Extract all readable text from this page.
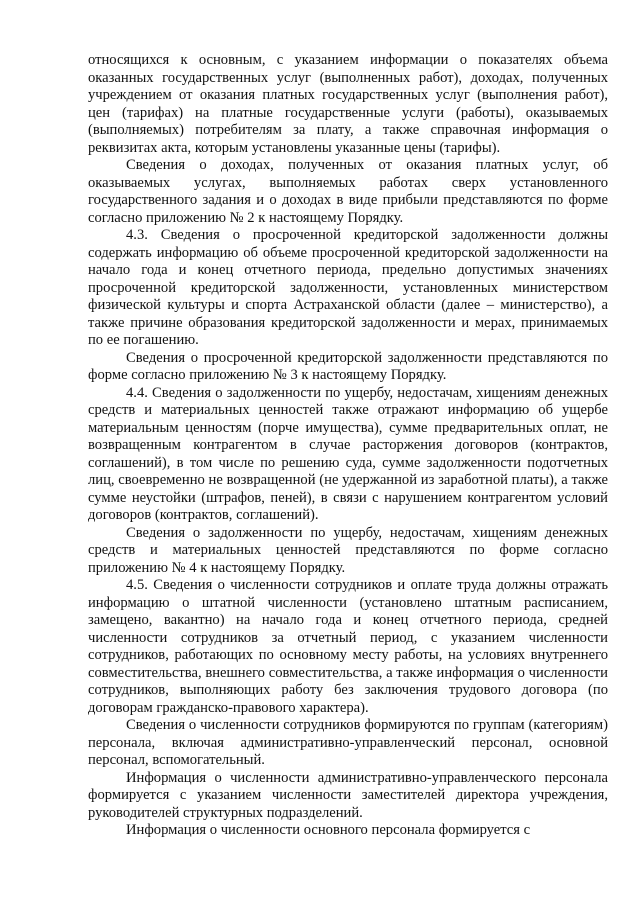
относящихся к основным, с указанием информации о показателях объема оказанных государственных услуг (выполненных работ), доходах, полученных учреждением от оказания платных государственных услуг (выполнения работ), цен (тарифах) на платные государственные услуги (работы), оказываемых (выполняемых) потребителям за плату, а также справочная информация о реквизитах акта, которым установлены указанные цены (тарифы).

Сведения о доходах, полученных от оказания платных услуг, об оказываемых услугах, выполняемых работах сверх установленного государственного задания и о доходах в виде прибыли представляются по форме согласно приложению № 2 к настоящему Порядку.

4.3. Сведения о просроченной кредиторской задолженности должны содержать информацию об объеме просроченной кредиторской задолженности на начало года и конец отчетного периода, предельно допустимых значениях просроченной кредиторской задолженности, установленных министерством физической культуры и спорта Астраханской области (далее – министерство), а также причине образования кредиторской задолженности и мерах, принимаемых по ее погашению.

Сведения о просроченной кредиторской задолженности представляются по форме согласно приложению № 3 к настоящему Порядку.

4.4. Сведения о задолженности по ущербу, недостачам, хищениям денежных средств и материальных ценностей также отражают информацию об ущербе материальным ценностям (порче имущества), сумме предварительных оплат, не возвращенным контрагентом в случае расторжения договоров (контрактов, соглашений), в том числе по решению суда, сумме задолженности подотчетных лиц, своевременно не возвращенной (не удержанной из заработной платы), а также сумме неустойки (штрафов, пеней), в связи с нарушением контрагентом условий договоров (контрактов, соглашений).

Сведения о задолженности по ущербу, недостачам, хищениям денежных средств и материальных ценностей представляются по форме согласно приложению № 4 к настоящему Порядку.

4.5. Сведения о численности сотрудников и оплате труда должны отражать информацию о штатной численности (установлено штатным расписанием, замещено, вакантно) на начало года и конец отчетного периода, средней численности сотрудников за отчетный период, с указанием численности сотрудников, работающих по основному месту работы, на условиях внутреннего совместительства, внешнего совместительства, а также информация о численности сотрудников, выполняющих работу без заключения трудового договора (по договорам гражданско-правового характера).

Сведения о численности сотрудников формируются по группам (категориям) персонала, включая административно-управленческий персонал, основной персонал, вспомогательный.

Информация о численности административно-управленческого персонала формируется с указанием численности заместителей директора учреждения, руководителей структурных подразделений.

Информация о численности основного персонала формируется с
